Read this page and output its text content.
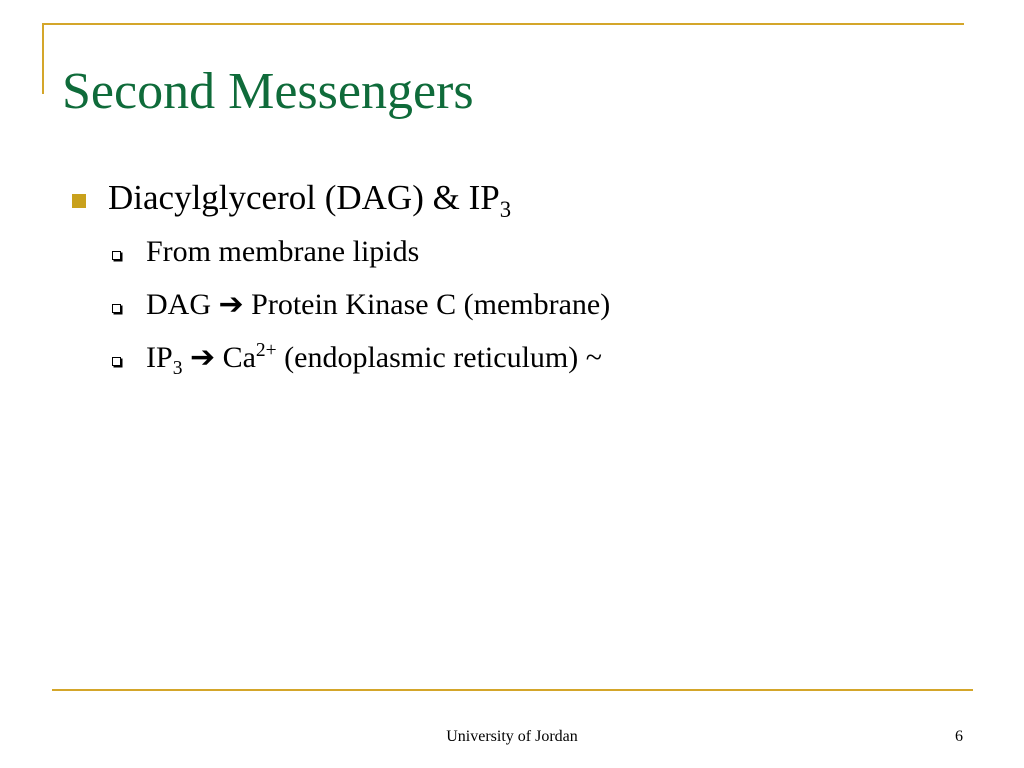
Second Messengers
Diacylglycerol (DAG) & $IP_3$
From membrane lipids
DAG ➔ Protein Kinase C (membrane)
$IP_3$ ➔ $Ca^{2+}$ (endoplasmic reticulum) ~
University of Jordan	6
